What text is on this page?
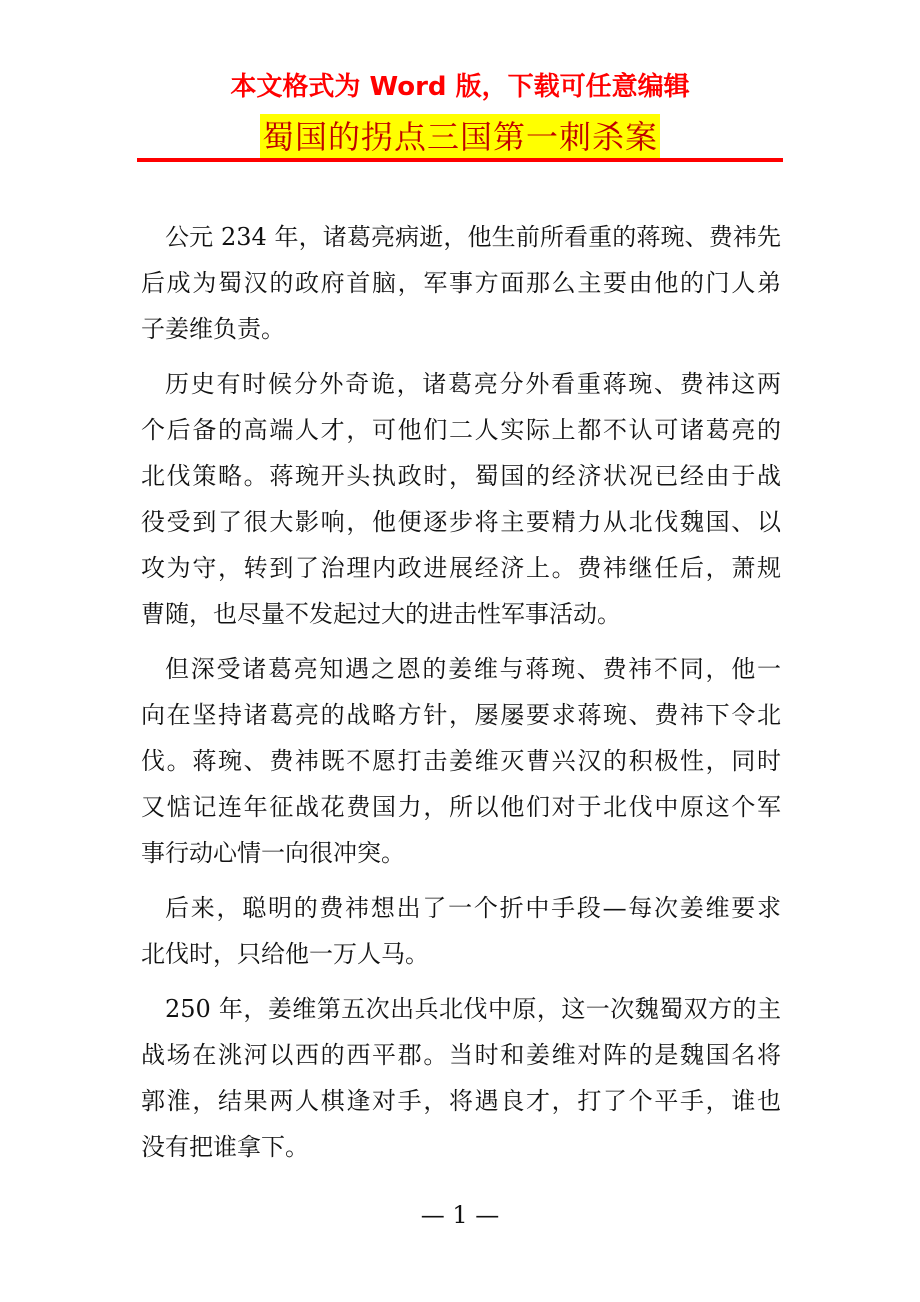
本文格式为 Word 版，下载可任意编辑
蜀国的拐点三国第一刺杀案
公元 234 年，诸葛亮病逝，他生前所看重的蒋琬、费祎先
后成为蜀汉的政府首脑，军事方面那么主要由他的门人弟
子姜维负责。
历史有时候分外奇诡，诸葛亮分外看重蒋琬、费祎这两
个后备的高端人才，可他们二人实际上都不认可诸葛亮的
北伐策略。蒋琬开头执政时，蜀国的经济状况已经由于战
役受到了很大影响，他便逐步将主要精力从北伐魏国、以
攻为守，转到了治理内政进展经济上。费祎继任后，萧规
曹随，也尽量不发起过大的进击性军事活动。
但深受诸葛亮知遇之恩的姜维与蒋琬、费祎不同，他一
向在坚持诸葛亮的战略方针，屡屡要求蒋琬、费祎下令北
伐。蒋琬、费祎既不愿打击姜维灭曹兴汉的积极性，同时
又惦记连年征战花费国力，所以他们对于北伐中原这个军
事行动心情一向很冲突。
后来，聪明的费祎想出了一个折中手段—每次姜维要求
北伐时，只给他一万人马。
250 年，姜维第五次出兵北伐中原，这一次魏蜀双方的主
战场在洮河以西的西平郡。当时和姜维对阵的是魏国名将
郭淮，结果两人棋逢对手，将遇良才，打了个平手，谁也
没有把谁拿下。
— 1 —
